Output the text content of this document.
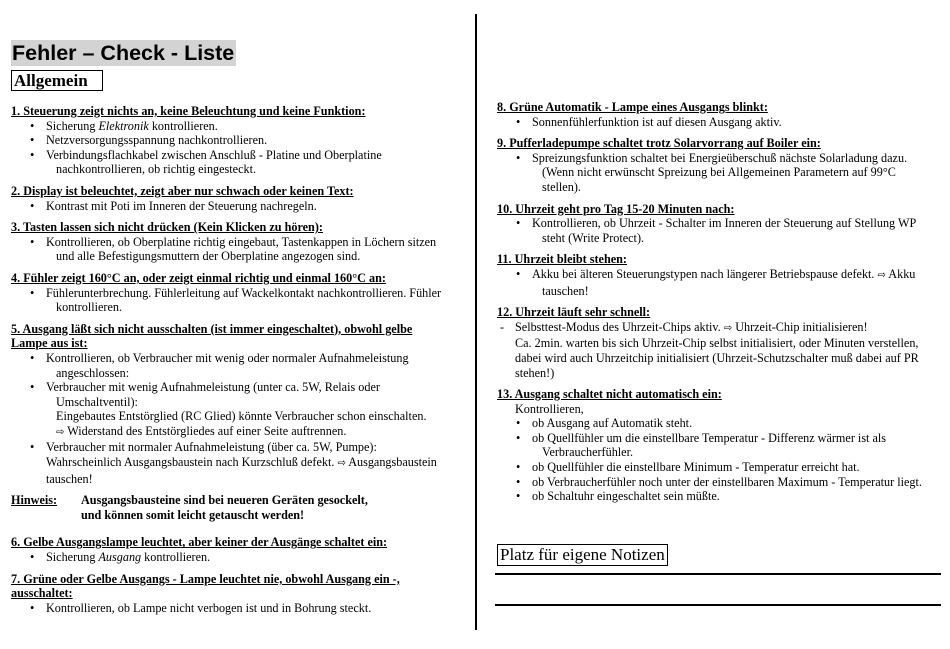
Fehler – Check - Liste
Allgemein
1. Steuerung zeigt nichts an, keine Beleuchtung und keine Funktion:
• Sicherung Elektronik kontrollieren.
• Netzversorgungsspannung nachkontrollieren.
• Verbindungsflachkabel zwischen Anschluß - Platine und Oberplatine
nachkontrollieren, ob richtig eingesteckt.
2. Display ist beleuchtet, zeigt aber nur schwach oder keinen Text:
• Kontrast mit Poti im Inneren der Steuerung nachregeln.
3. Tasten lassen sich nicht drücken (Kein Klicken zu hören):
• Kontrollieren, ob Oberplatine richtig eingebaut, Tastenkappen in Löchern sitzen
und alle Befestigungsmuttern der Oberplatine angezogen sind.
4. Fühler zeigt 160°C an, oder zeigt einmal richtig und einmal 160°C an:
• Fühlerunterbrechung. Fühlerleitung auf Wackelkontakt nachkontrollieren. Fühler
kontrollieren.
5. Ausgang läßt sich nicht ausschalten (ist immer eingeschaltet), obwohl gelbe
Lampe aus ist:
• Kontrollieren, ob Verbraucher mit wenig oder normaler Aufnahmeleistung
angeschlossen:
• Verbraucher mit wenig Aufnahmeleistung (unter ca. 5W, Relais oder
Umschaltventil):
Eingebautes Entstörglied (RC Glied) könnte Verbraucher schon einschalten.
⇨ Widerstand des Entstörgliedes auf einer Seite auftrennen.
• Verbraucher mit normaler Aufnahmeleistung (über ca. 5W, Pumpe):
Wahrscheinlich Ausgangsbaustein nach Kurzschluß defekt. ⇨ Ausgangsbaustein
tauschen!
Hinweis:	Ausgangsbausteine sind bei neueren Geräten gesockelt,
und können somit leicht getauscht werden!
6. Gelbe Ausgangslampe leuchtet, aber keiner der Ausgänge schaltet ein:
• Sicherung Ausgang kontrollieren.
7. Grüne oder Gelbe Ausgangs - Lampe leuchtet nie, obwohl Ausgang ein -,
ausschaltet:
• Kontrollieren, ob Lampe nicht verbogen ist und in Bohrung steckt.
8. Grüne Automatik - Lampe eines Ausgangs blinkt:
• Sonnenfühlerfunktion ist auf diesen Ausgang aktiv.
9. Pufferladepumpe schaltet trotz Solarvorrang auf Boiler ein:
• Spreizungsfunktion schaltet bei Energieüberschuß nächste Solarladung dazu.
(Wenn nicht erwünscht Spreizung bei Allgemeinen Parametern auf 99°C stellen).
10. Uhrzeit geht pro Tag 15-20 Minuten nach:
• Kontrollieren, ob Uhrzeit - Schalter im Inneren der Steuerung auf Stellung WP
steht (Write Protect).
11. Uhrzeit bleibt stehen:
• Akku bei älteren Steuerungstypen nach längerer Betriebspause defekt. ⇨ Akku
tauschen!
12. Uhrzeit läuft sehr schnell:
- Selbsttest-Modus des Uhrzeit-Chips aktiv. ⇨ Uhrzeit-Chip initialisieren!
Ca. 2min. warten bis sich Uhrzeit-Chip selbst initialisiert, oder Minuten verstellen, dabei wird auch Uhrzeitchip initialisiert (Uhrzeit-Schutzschalter muß dabei auf PR stehen!)
13. Ausgang schaltet nicht automatisch ein:
Kontrollieren,
• ob Ausgang auf Automatik steht.
• ob Quellfühler um die einstellbare Temperatur - Differenz wärmer ist als
Verbraucherfühler.
• ob Quellfühler die einstellbare Minimum - Temperatur erreicht hat.
• ob Verbraucherfühler noch unter der einstellbaren Maximum - Temperatur liegt.
• ob Schaltuhr eingeschaltet sein müßte.
Platz für eigene Notizen
